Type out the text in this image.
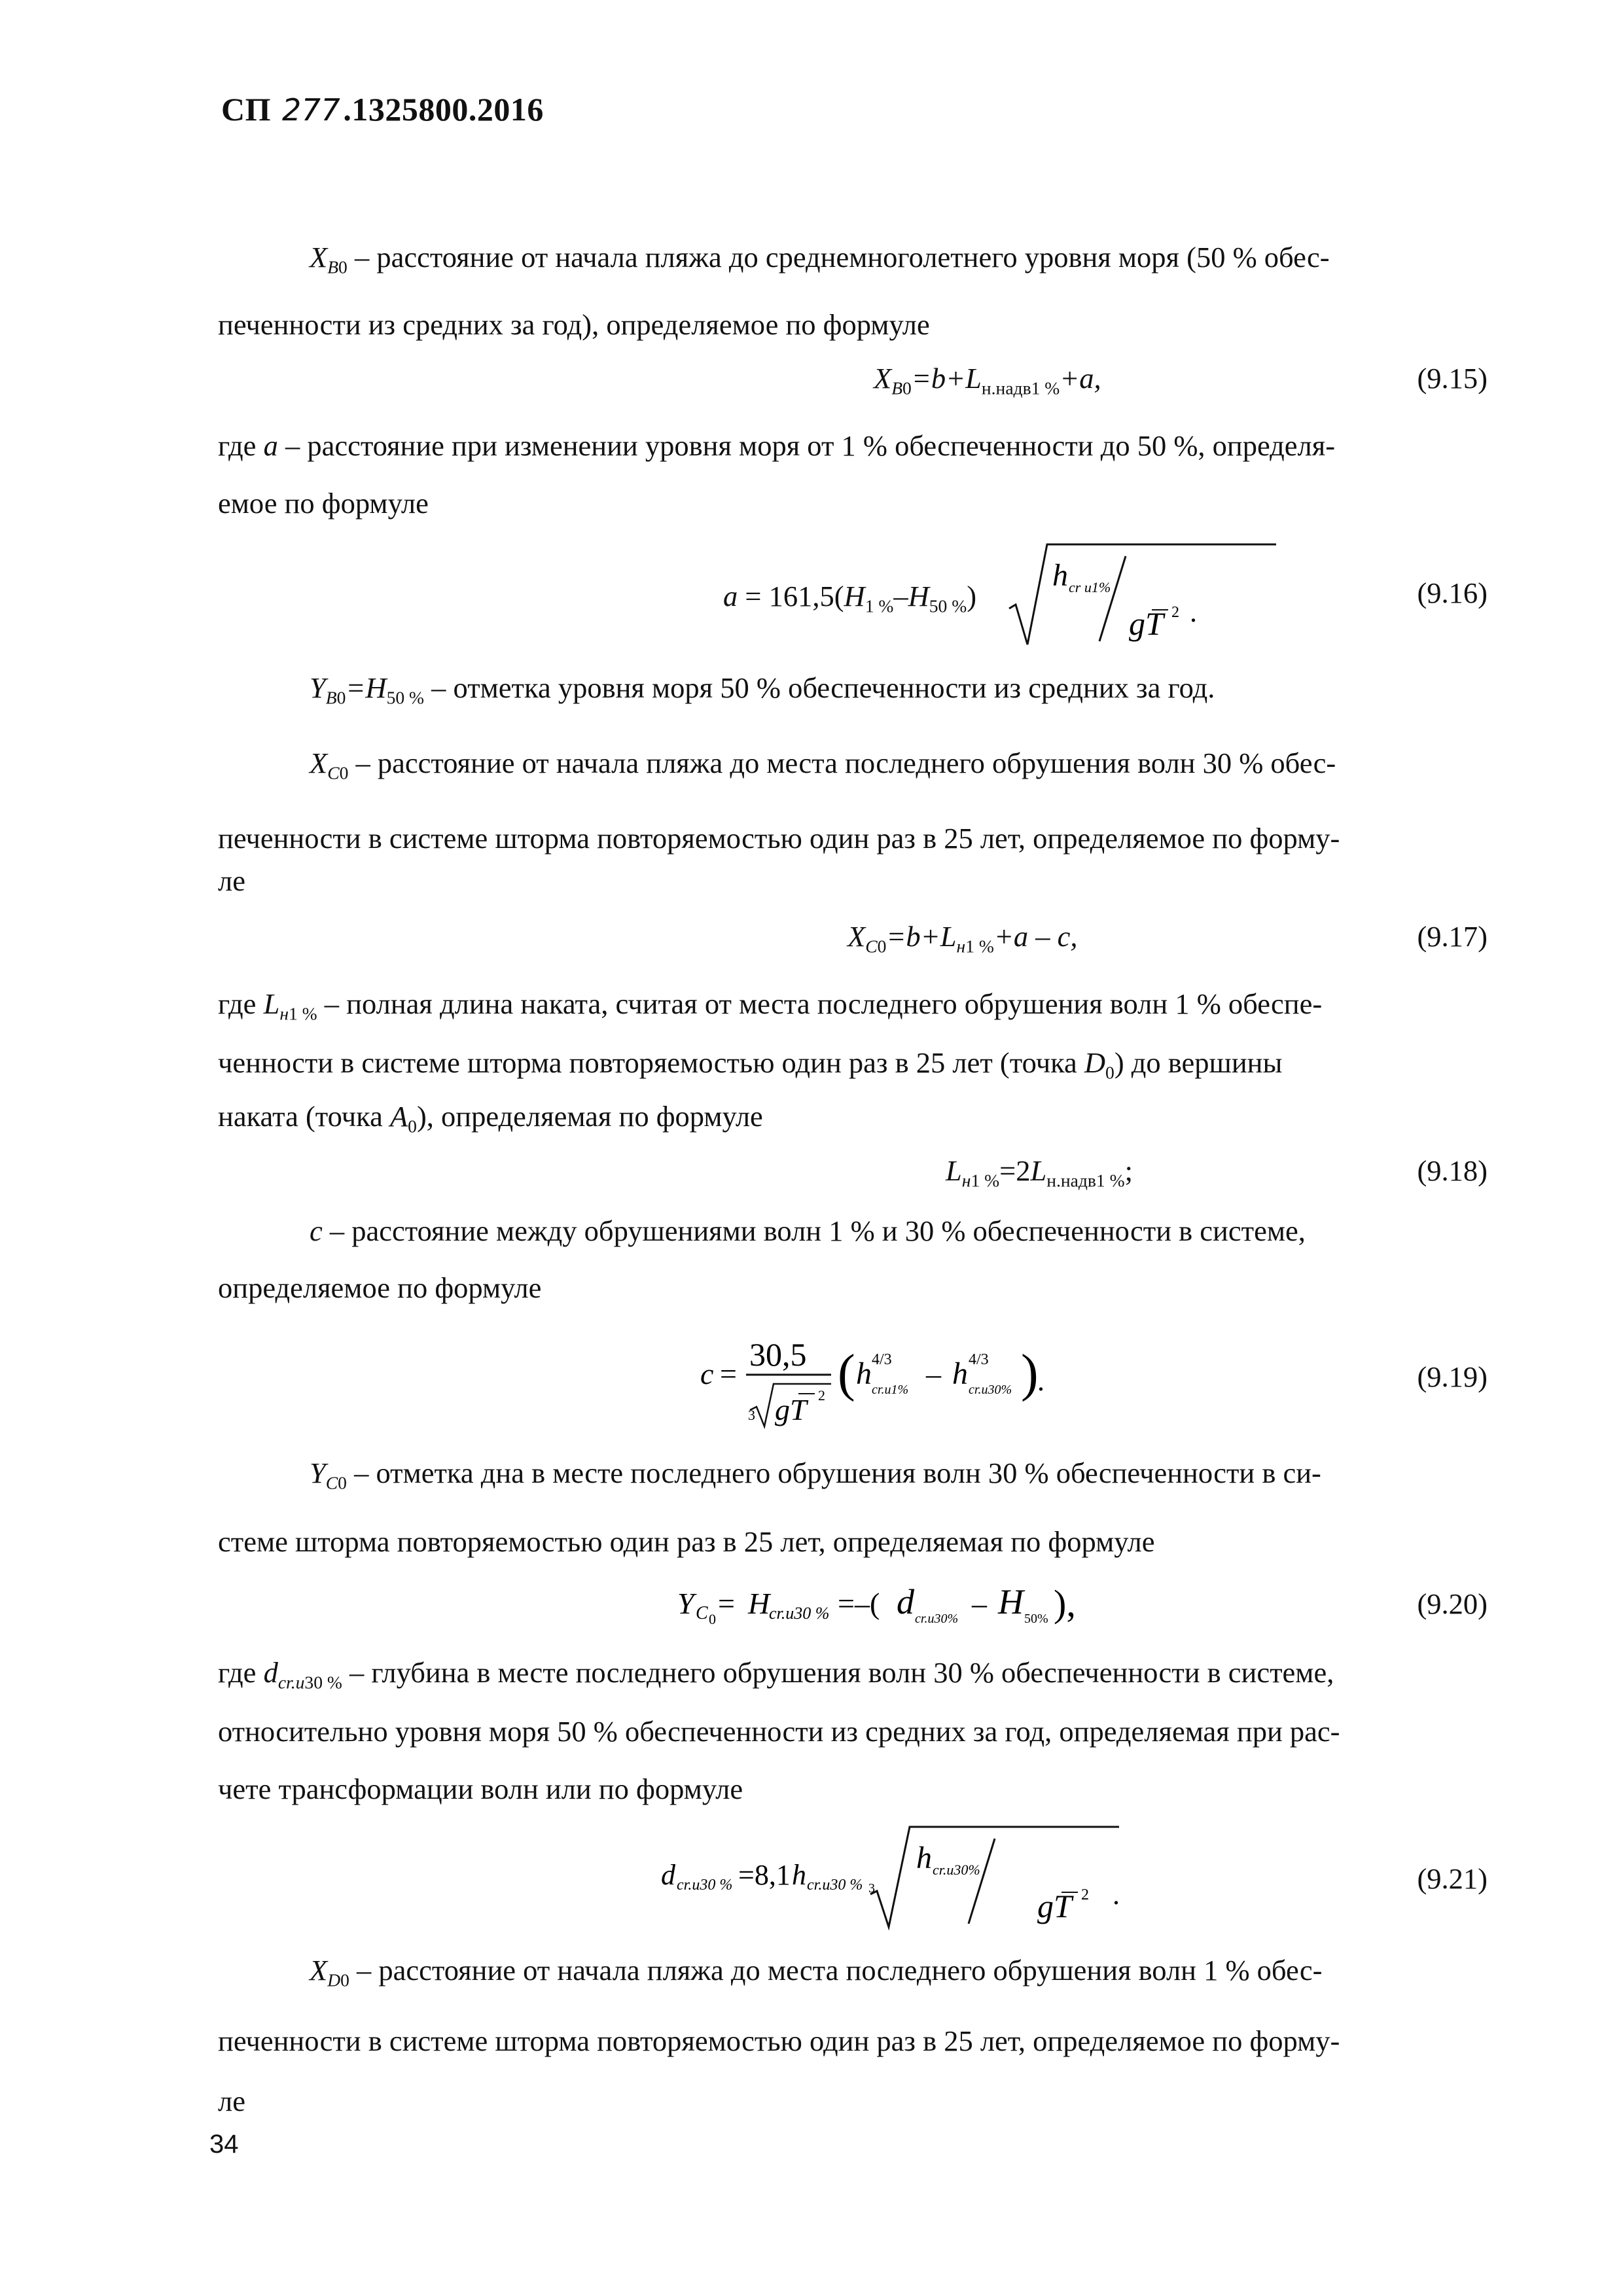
СП 277.1325800.2016
$X_{B0}$ – расстояние от начала пляжа до среднемноголетнего уровня моря (50 % обес-
печенности из средних за год), определяемое по формуле
$X_{B0}=b+L_{н.надв1 \%}+a$,	(9.15)
где a – расстояние при изменении уровня моря от 1 % обеспеченности до 50 %, определя-
емое по формуле
$a = 161,5(H_{1 \%}-H_{50 \%})$
h cr и1%
gT 2 .
(9.16)
$Y_{B0}=H_{50 \%}$ – отметка уровня моря 50 % обеспеченности из средних за год.
$X_{C0}$ – расстояние от начала пляжа до места последнего обрушения волн 30 % обес-
печенности в системе шторма повторяемостью один раз в 25 лет, определяемое по форму-
ле
$X_{C0}=b+L_{н1 \%}+a - c$,	(9.17)
где $L_{н1 \%}$ – полная длина наката, считая от места последнего обрушения волн 1 % обеспе-
ченности в системе шторма повторяемостью один раз в 25 лет (точка $D_0$) до вершины
наката (точка $A_0$), определяемая по формуле
$L_{н1 \%}=2L_{н.надв1 \%}$;	(9.18)
c – расстояние между обрушениями волн 1 % и 30 % обеспеченности в системе,
определяемое по формуле
c =
30,5
3 gT 2 ( h 4/3
cr.и1% – h 4/3
cr.и30% )
.	(9.19)
$Y_{C0}$ – отметка дна в месте последнего обрушения волн 30 % обеспеченности в си-
стеме шторма повторяемостью один раз в 25 лет, определяемая по формуле
Y C 0 = H
cr.и30 % =–( d cr.и30% – H 50% ),	(9.20)
где $d_{cr.и30 \%}$ – глубина в месте последнего обрушения волн 30 % обеспеченности в системе,
относительно уровня моря 50 % обеспеченности из средних за год, определяемая при рас-
чете трансформации волн или по формуле
d cr.и30 % =8,1 h cr.и30 % 3
h cr.и30%
gT 2 .	(9.21)
$X_{D0}$ – расстояние от начала пляжа до места последнего обрушения волн 1 % обес-
печенности в системе шторма повторяемостью один раз в 25 лет, определяемое по форму-
ле
34
